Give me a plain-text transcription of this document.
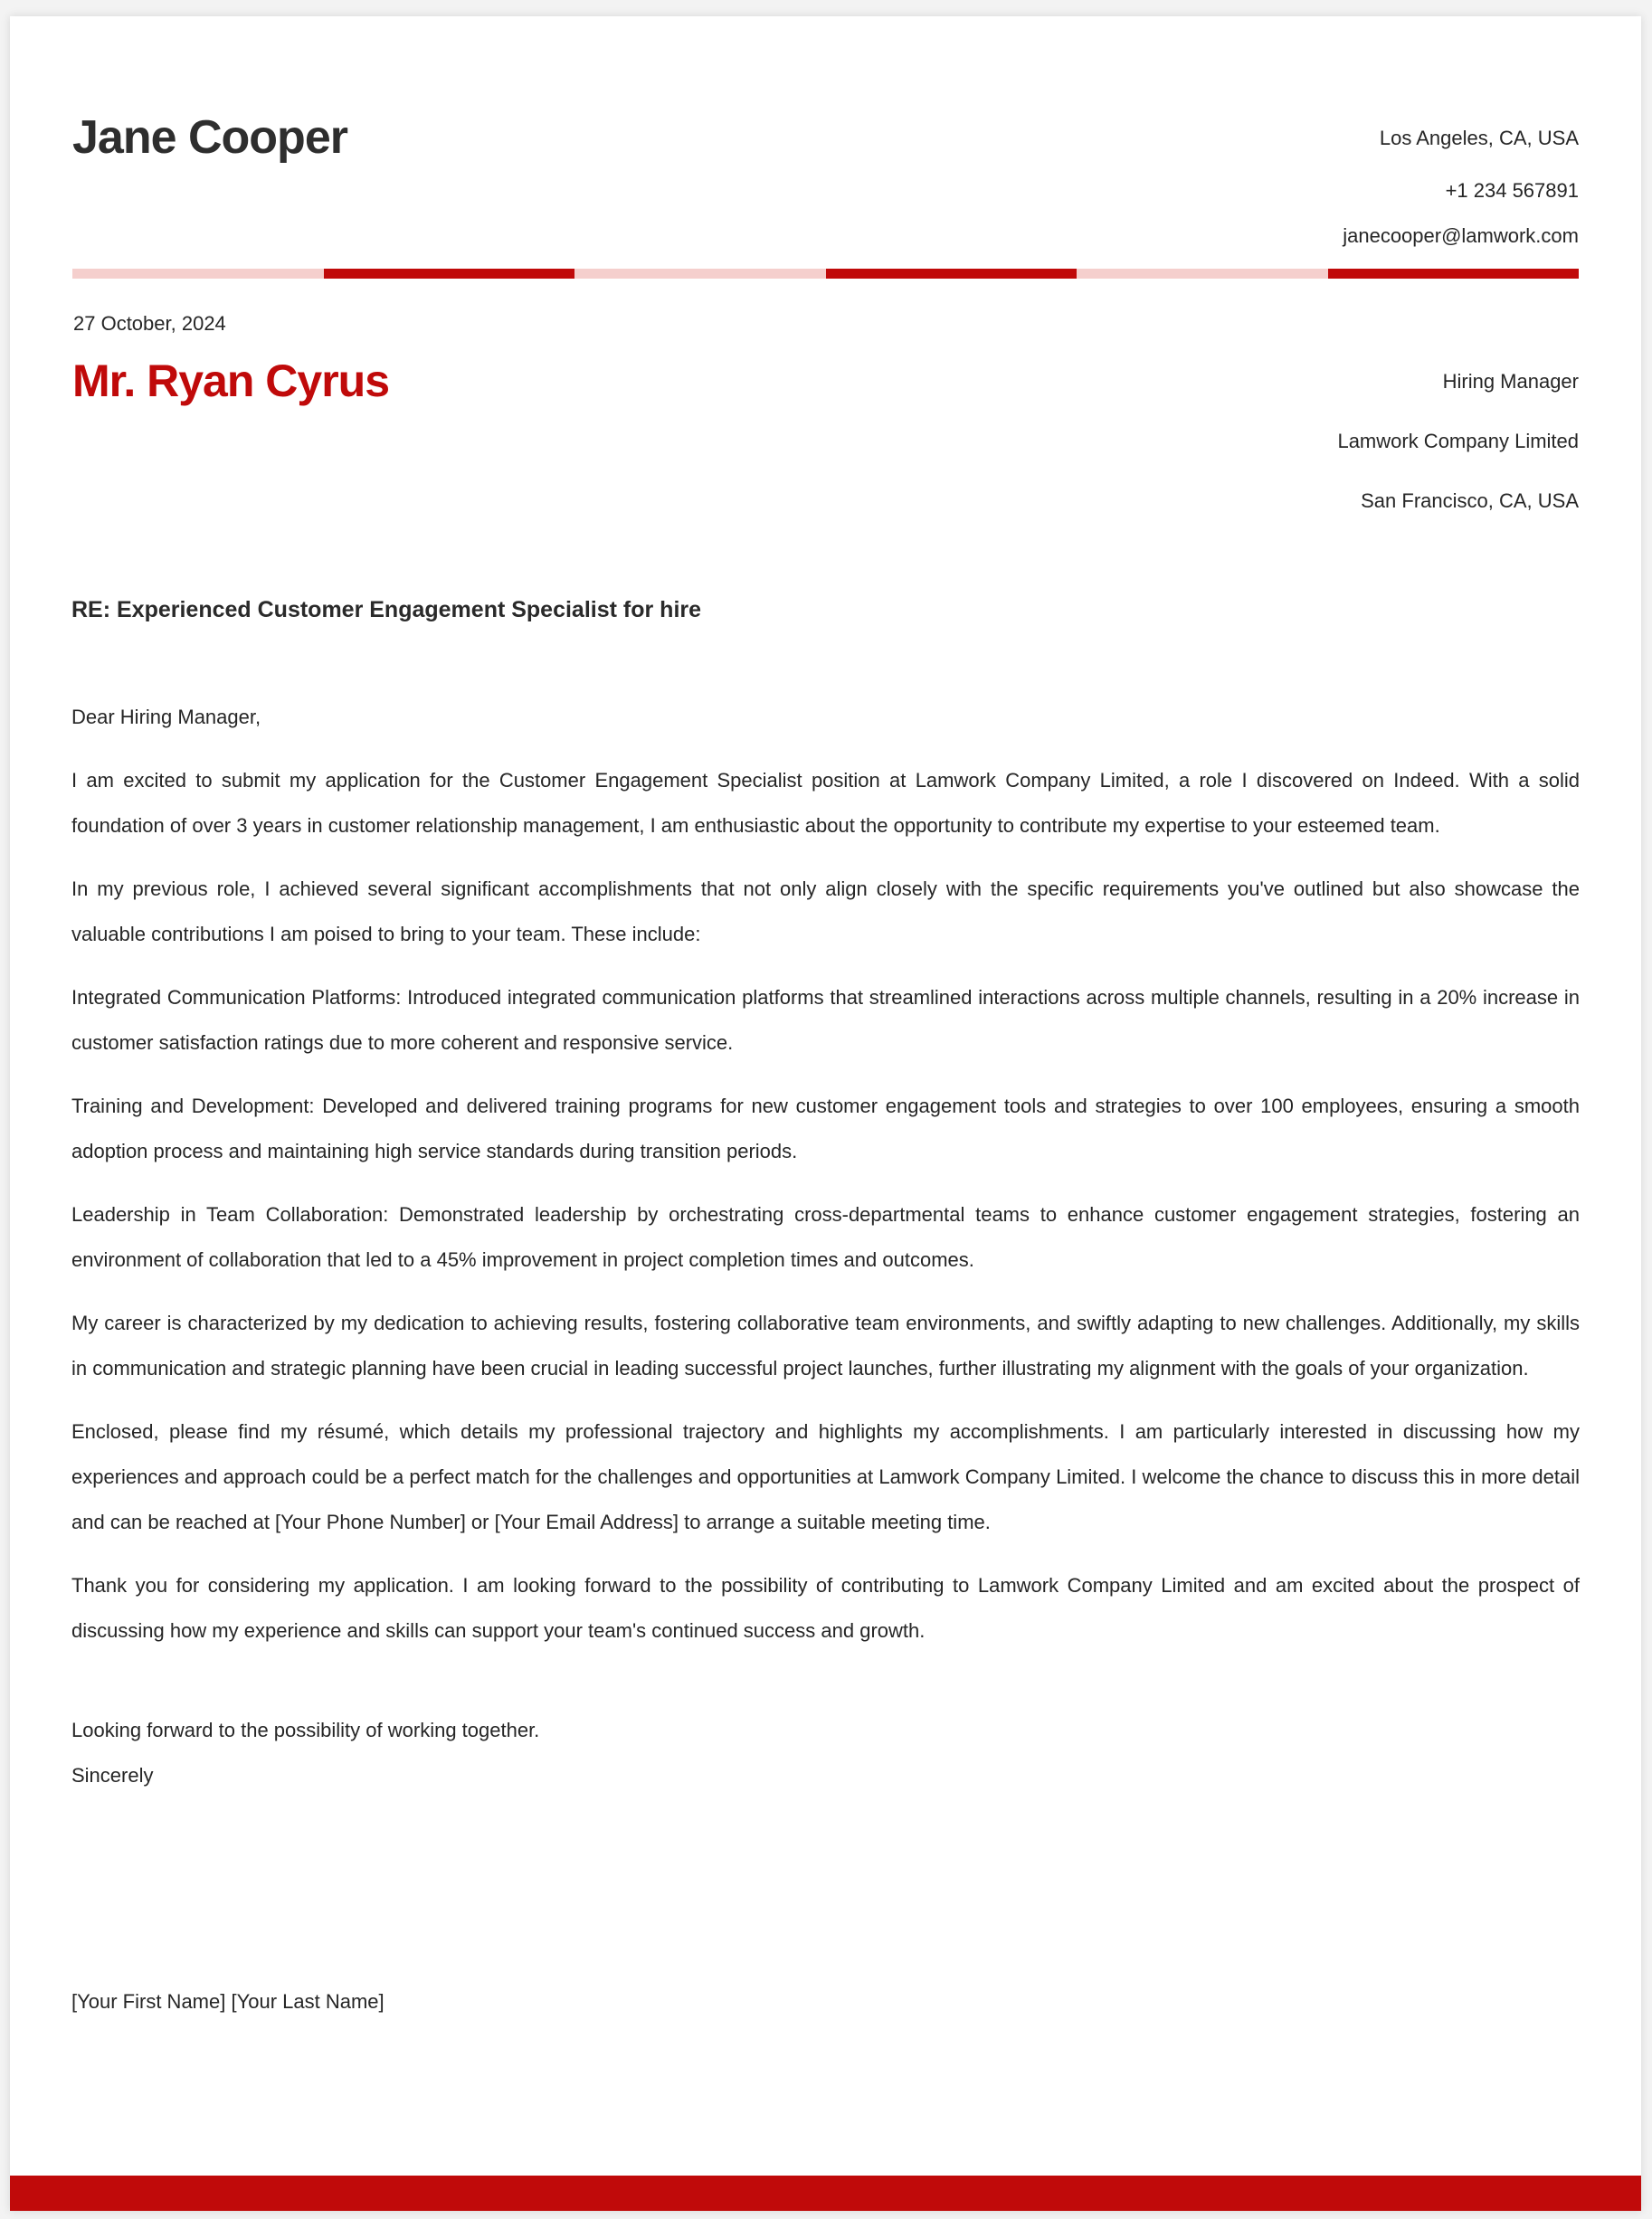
Jane Cooper	Los Angeles, CA, USA
+1 234 567891
janecooper@lamwork.com
27 October, 2024
Mr. Ryan Cyrus	Hiring Manager
Lamwork Company Limited
San Francisco, CA, USA
RE: Experienced Customer Engagement Specialist for hire
Dear Hiring Manager,

I am excited to submit my application for the Customer Engagement Specialist position at Lamwork Company Limited, a role I discovered on Indeed. With a solid foundation of over 3 years in customer relationship management, I am enthusiastic about the opportunity to contribute my expertise to your esteemed team.

In my previous role, I achieved several significant accomplishments that not only align closely with the specific requirements you've outlined but also showcase the valuable contributions I am poised to bring to your team. These include:

Integrated Communication Platforms: Introduced integrated communication platforms that streamlined interactions across multiple channels, resulting in a 20% increase in customer satisfaction ratings due to more coherent and responsive service.

Training and Development: Developed and delivered training programs for new customer engagement tools and strategies to over 100 employees, ensuring a smooth adoption process and maintaining high service standards during transition periods.

Leadership in Team Collaboration: Demonstrated leadership by orchestrating cross-departmental teams to enhance customer engagement strategies, fostering an environment of collaboration that led to a 45% improvement in project completion times and outcomes.

My career is characterized by my dedication to achieving results, fostering collaborative team environments, and swiftly adapting to new challenges. Additionally, my skills in communication and strategic planning have been crucial in leading successful project launches, further illustrating my alignment with the goals of your organization.

Enclosed, please find my résumé, which details my professional trajectory and highlights my accomplishments. I am particularly interested in discussing how my experiences and approach could be a perfect match for the challenges and opportunities at Lamwork Company Limited. I welcome the chance to discuss this in more detail and can be reached at [Your Phone Number] or [Your Email Address] to arrange a suitable meeting time.

Thank you for considering my application. I am looking forward to the possibility of contributing to Lamwork Company Limited and am excited about the prospect of discussing how my experience and skills can support your team's continued success and growth.

Looking forward to the possibility of working together.
Sincerely
[Your First Name] [Your Last Name]
